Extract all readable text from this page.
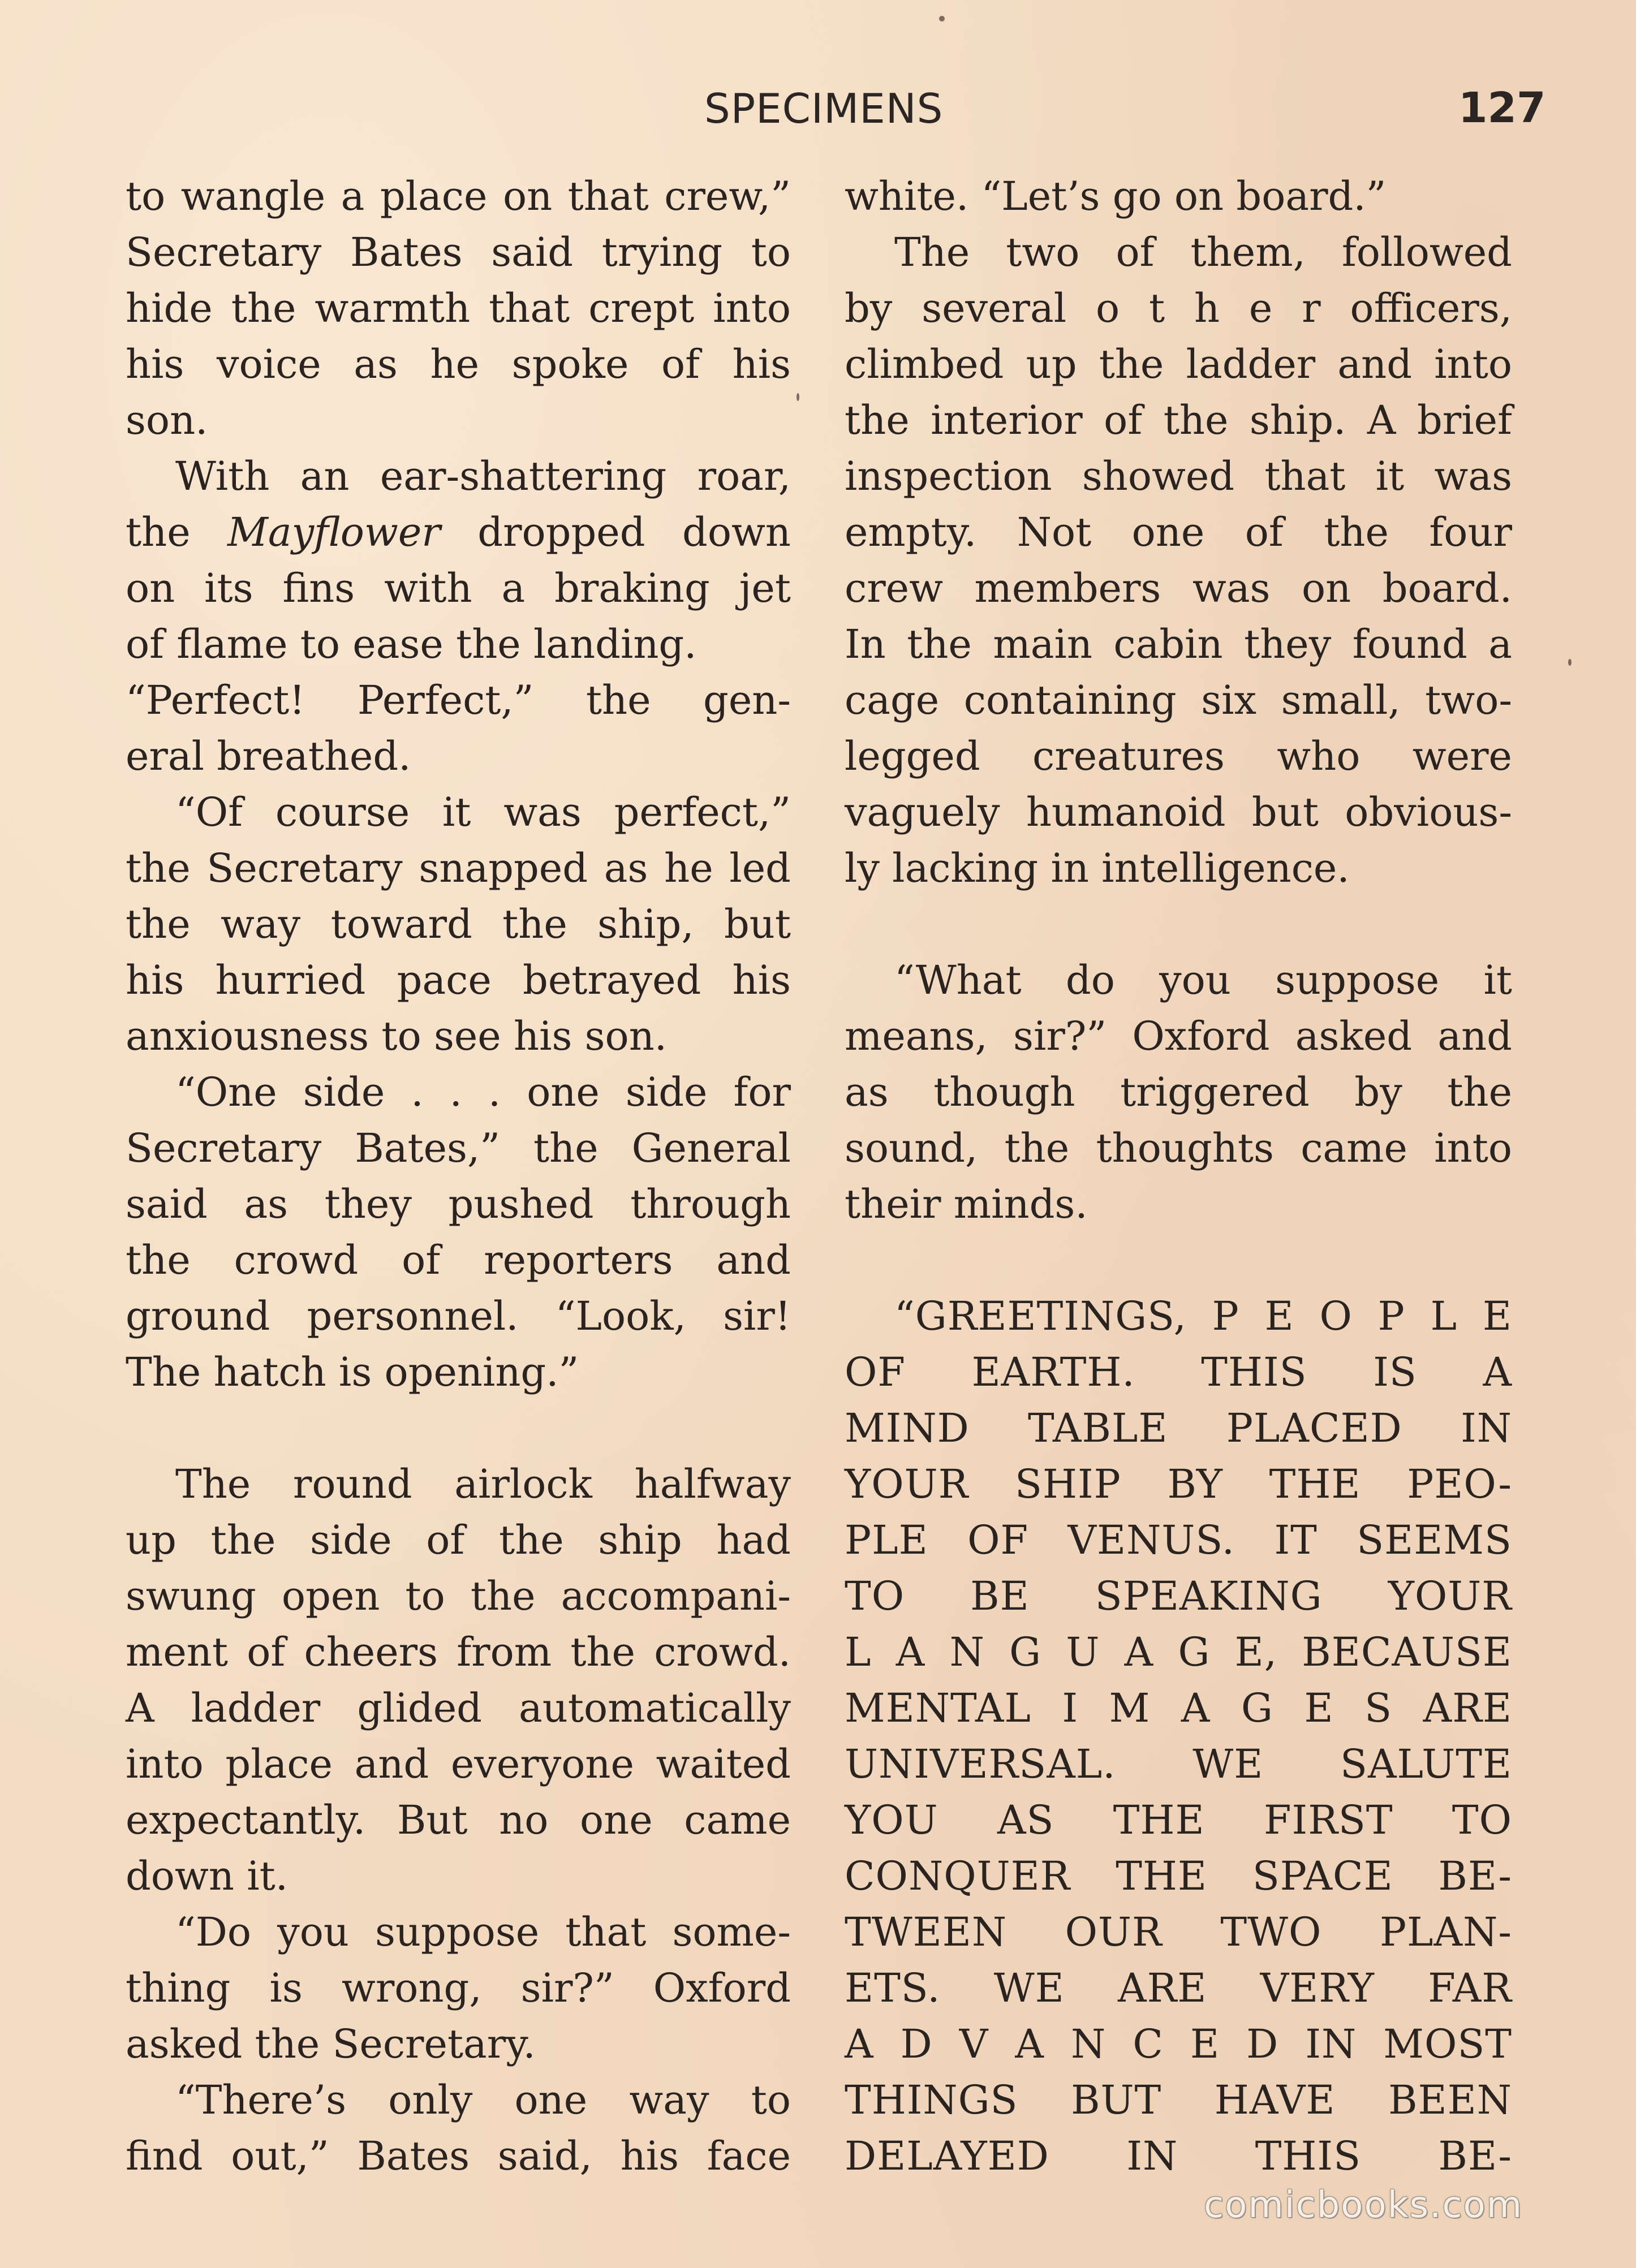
SPECIMENS	127
to wangle a place on that crew,”
Secretary Bates said trying to
hide the warmth that crept into
his voice as he spoke of his
son.
With an ear-shattering roar,
the Mayflower dropped down
on its fins with a braking jet
of flame to ease the landing.
“Perfect! Perfect,” the gen-
eral breathed.
“Of course it was perfect,”
the Secretary snapped as he led
the way toward the ship, but
his hurried pace betrayed his
anxiousness to see his son.
“One side . . . one side for
Secretary Bates,” the General
said as they pushed through
the crowd of reporters and
ground personnel. “Look, sir!
The hatch is opening.”
The round airlock halfway
up the side of the ship had
swung open to the accompani-
ment of cheers from the crowd.
A ladder glided automatically
into place and everyone waited
expectantly. But no one came
down it.
“Do you suppose that some-
thing is wrong, sir?” Oxford
asked the Secretary.
“There’s only one way to
find out,” Bates said, his face
white. “Let’s go on board.”
The two of them, followed
by several o t h e r officers,
climbed up the ladder and into
the interior of the ship. A brief
inspection showed that it was
empty. Not one of the four
crew members was on board.
In the main cabin they found a
cage containing six small, two-
legged creatures who were
vaguely humanoid but obvious-
ly lacking in intelligence.
“What do you suppose it
means, sir?” Oxford asked and
as though triggered by the
sound, the thoughts came into
their minds.
“GREETINGS, P E O P L E
OF EARTH. THIS IS A
MIND TABLE PLACED IN
YOUR SHIP BY THE PEO-
PLE OF VENUS. IT SEEMS
TO BE SPEAKING YOUR
L A N G U A G E, BECAUSE
MENTAL I M A G E S ARE
UNIVERSAL. WE SALUTE
YOU AS THE FIRST TO
CONQUER THE SPACE BE-
TWEEN OUR TWO PLAN-
ETS. WE ARE VERY FAR
A D V A N C E D IN MOST
THINGS BUT HAVE BEEN
DELAYED IN THIS BE-
comicbooks.com
